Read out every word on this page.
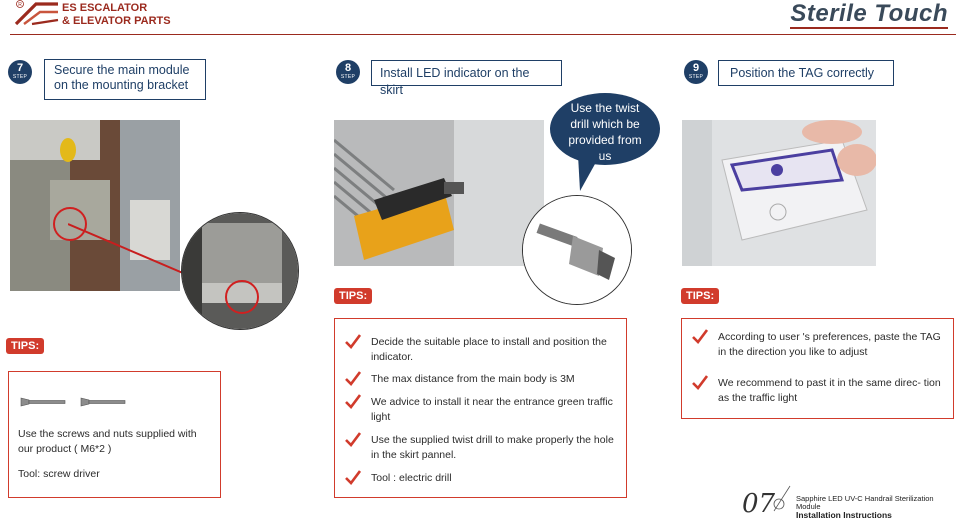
R	ES ESCALATOR
& ELEVATOR PARTS	Sterile Touch
7
STEP	Secure the main module on the mounting bracket
TIPS:
Use the screws and nuts supplied with our product ( M6*2 )
Tool: screw driver
8
STEP	Install LED indicator on the skirt
Use the twist drill which be provided from us
TIPS:
Decide the suitable place to install and position the indicator.
The max distance from the main body is 3M
We advice to install it near the entrance green traffic light
Use the supplied twist drill to make properly the hole in the skirt pannel.
Tool : electric drill
9
STEP	Position the TAG correctly
TIPS:
According to user 's preferences, paste the TAG in the direction you like to adjust
We recommend to past it in the same direc- tion as the traffic light
07	Sapphire LED UV-C Handrail Sterilization Module
Installation Instructions
